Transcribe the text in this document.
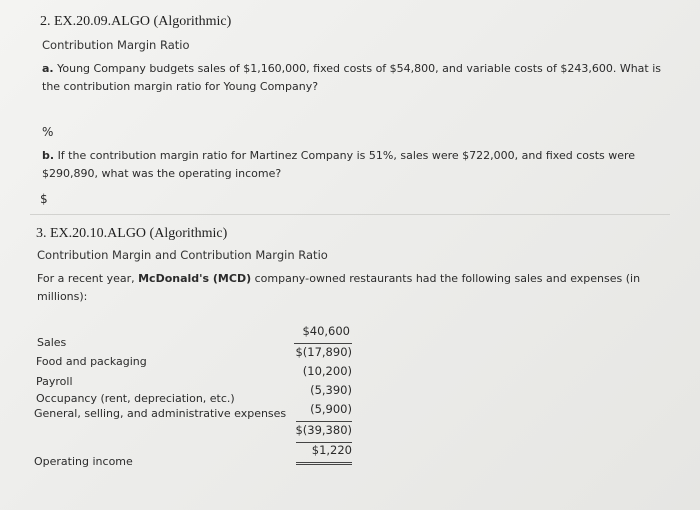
2. EX.20.09.ALGO (Algorithmic)
Contribution Margin Ratio
a. Young Company budgets sales of $1,160,000, fixed costs of $54,800, and variable costs of $243,600. What is the contribution margin ratio for Young Company?
%
b. If the contribution margin ratio for Martinez Company is 51%, sales were $722,000, and fixed costs were $290,890, what was the operating income?
$
3. EX.20.10.ALGO (Algorithmic)
Contribution Margin and Contribution Margin Ratio
For a recent year, McDonald's (MCD) company-owned restaurants had the following sales and expenses (in millions):
Sales
$40,600
Food and packaging
$(17,890)
Payroll
(10,200)
Occupancy (rent, depreciation, etc.)
(5,390)
General, selling, and administrative expenses	(5,900)
$(39,380)
Operating income
$1,220
